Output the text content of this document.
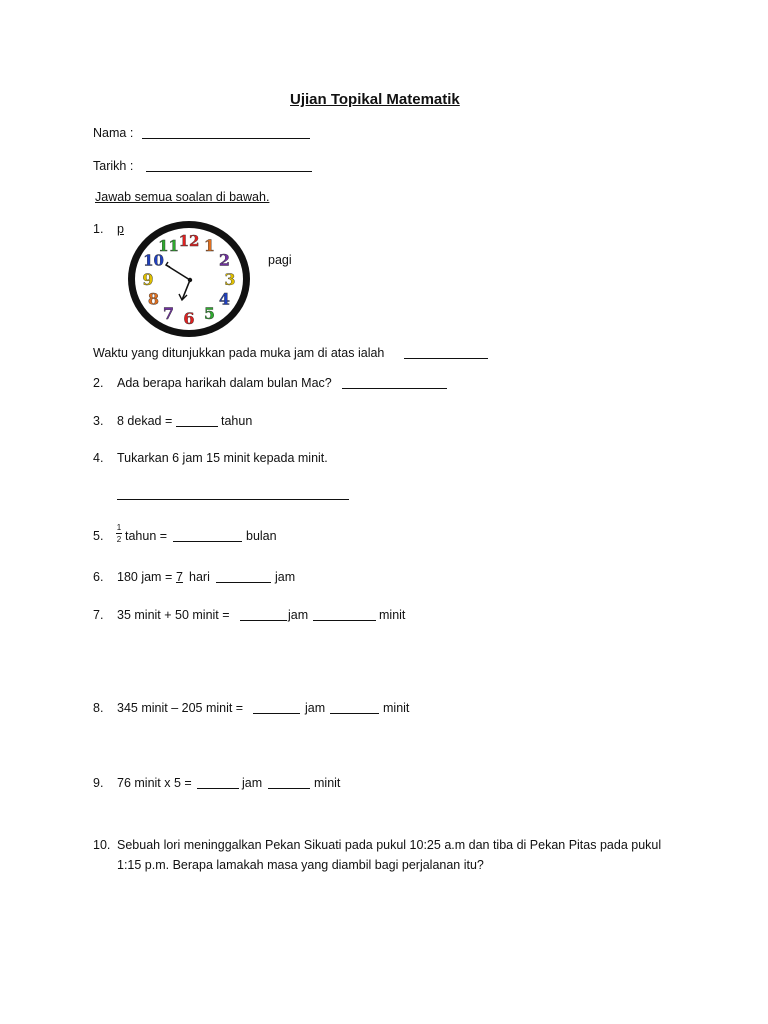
Ujian Topikal Matematik
Nama :
Tarikh :
Jawab semua soalan di bawah.
1. p
12 1
2
3
4
5
6
7
8
9
10
11
pagi
Waktu yang ditunjukkan pada muka jam di atas ialah
2. Ada berapa harikah dalam bulan Mac?
3. 8 dekad =	tahun
4. Tukarkan 6 jam 15 minit kepada minit.
5.
1
2 tahun =	bulan
6. 180 jam = 7 hari	jam
7. 35 minit + 50 minit =	jam	minit
8. 345 minit – 205 minit =	jam	minit
9. 76 minit x 5 =	jam	minit
10. Sebuah lori meninggalkan Pekan Sikuati pada pukul 10:25 a.m dan tiba di Pekan Pitas pada pukul
1:15 p.m. Berapa lamakah masa yang diambil bagi perjalanan itu?
